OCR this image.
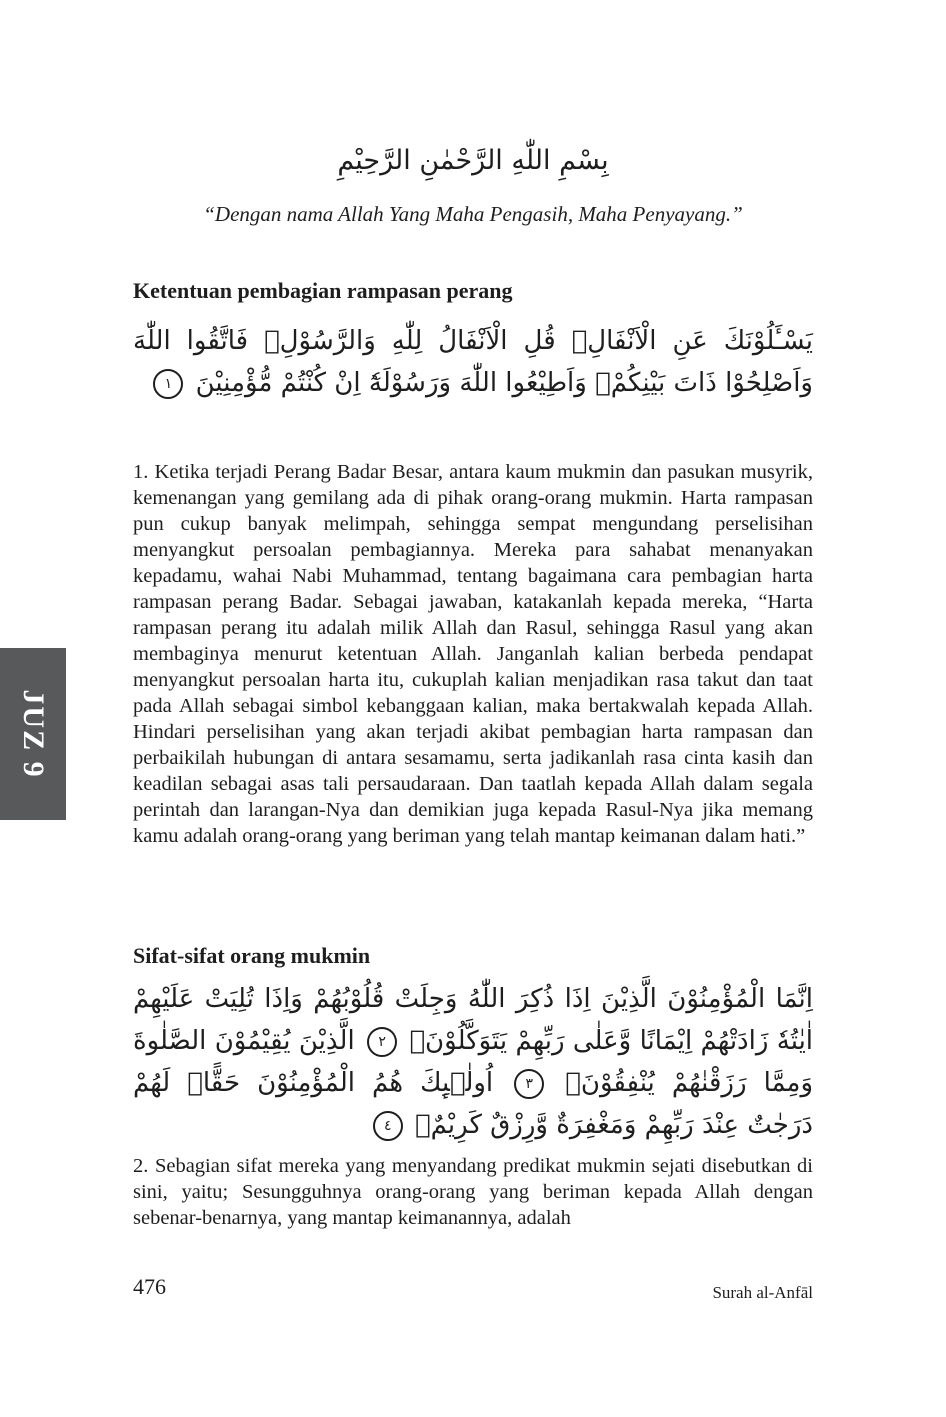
بِسْمِ اللّٰهِ الرَّحْمٰنِ الرَّحِيْمِ
“Dengan nama Allah Yang Maha Pengasih, Maha Penyayang.”
Ketentuan pembagian rampasan perang

يَسْـَٔلُوْنَكَ عَنِ الْاَنْفَالِۗ قُلِ الْاَنْفَالُ لِلّٰهِ وَالرَّسُوْلِۚ فَاتَّقُوا اللّٰهَ وَاَصْلِحُوْا ذَاتَ بَيْنِكُمْۖ وَاَطِيْعُوا اللّٰهَ وَرَسُوْلَهٗٓ اِنْ كُنْتُمْ مُّؤْمِنِيْنَ ١

1. Ketika terjadi Perang Badar Besar, antara kaum mukmin dan pasukan musyrik, kemenangan yang gemilang ada di pihak orang-orang mukmin. Harta rampasan pun cukup banyak melimpah, sehingga sempat mengundang perselisihan menyangkut persoalan pembagiannya. Mereka para sahabat menanyakan kepadamu, wahai Nabi Muhammad, tentang bagaimana cara pembagian harta rampasan perang Badar. Sebagai jawaban, katakanlah kepada mereka, “Harta rampasan perang itu adalah milik Allah dan Rasul, sehingga Rasul yang akan membaginya menurut ketentuan Allah. Janganlah kalian berbeda pendapat menyangkut persoalan harta itu, cukuplah kalian menjadikan rasa takut dan taat pada Allah sebagai simbol kebanggaan kalian, maka bertakwalah kepada Allah. Hindari perselisihan yang akan terjadi akibat pembagian harta rampasan dan perbaikilah hubungan di antara sesamamu, serta jadikanlah rasa cinta kasih dan keadilan sebagai asas tali persaudaraan. Dan taatlah kepada Allah dalam segala perintah dan larangan-Nya dan demikian juga kepada Rasul-Nya jika memang kamu adalah orang-orang yang beriman yang telah mantap keimanan dalam hati.”

Sifat-sifat orang mukmin

اِنَّمَا الْمُؤْمِنُوْنَ الَّذِيْنَ اِذَا ذُكِرَ اللّٰهُ وَجِلَتْ قُلُوْبُهُمْ وَاِذَا تُلِيَتْ عَلَيْهِمْ اٰيٰتُهٗ زَادَتْهُمْ اِيْمَانًا وَّعَلٰى رَبِّهِمْ يَتَوَكَّلُوْنَۙ ٢ الَّذِيْنَ يُقِيْمُوْنَ الصَّلٰوةَ وَمِمَّا رَزَقْنٰهُمْ يُنْفِقُوْنَۗ ٣ اُولٰۤىِٕكَ هُمُ الْمُؤْمِنُوْنَ حَقًّاۗ لَهُمْ دَرَجٰتٌ عِنْدَ رَبِّهِمْ وَمَغْفِرَةٌ وَّرِزْقٌ كَرِيْمٌۚ ٤

2. Sebagian sifat mereka yang menyandang predikat mukmin sejati disebutkan di sini, yaitu; Sesungguhnya orang-orang yang beriman kepada Allah dengan sebenar-benarnya, yang mantap keimanannya, adalah

JUZ 9
476	Surah al-Anfāl
